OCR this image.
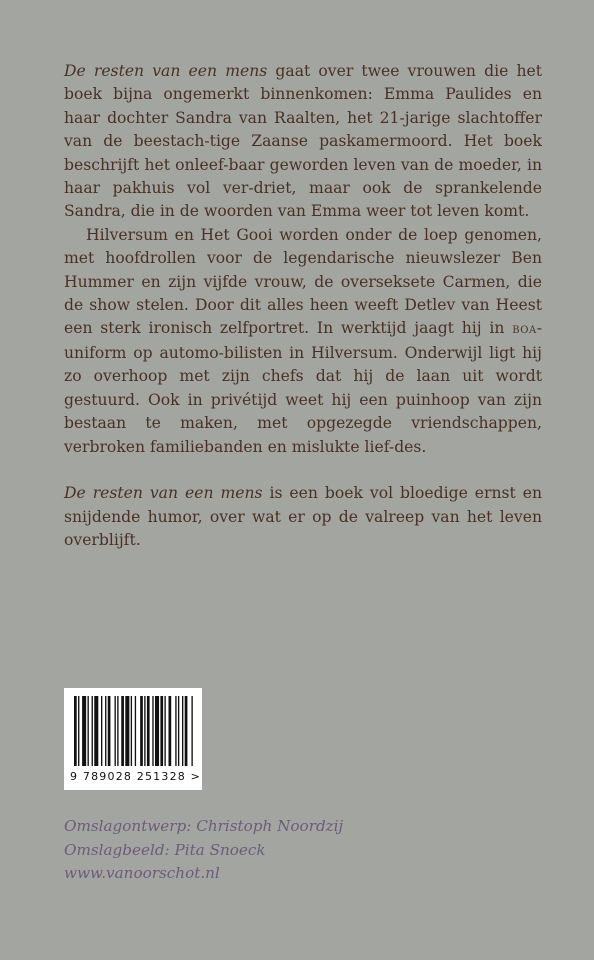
De resten van een mens gaat over twee vrouwen die het boek bijna ongemerkt binnenkomen: Emma Paulides en haar dochter Sandra van Raalten, het 21-jarige slachtoffer van de beestach-tige Zaanse paskamermoord. Het boek beschrijft het onleef-baar geworden leven van de moeder, in haar pakhuis vol ver-driet, maar ook de sprankelende Sandra, die in de woorden van Emma weer tot leven komt.

Hilversum en Het Gooi worden onder de loep genomen, met hoofdrollen voor de legendarische nieuwslezer Ben Hummer en zijn vijfde vrouw, de overseksete Carmen, die de show stelen. Door dit alles heen weeft Detlev van Heest een sterk ironisch zelfportret. In werktijd jaagt hij in boa-uniform op automo-bilisten in Hilversum. Onderwijl ligt hij zo overhoop met zijn chefs dat hij de laan uit wordt gestuurd. Ook in privétijd weet hij een puinhoop van zijn bestaan te maken, met opgezegde vriendschappen, verbroken familiebanden en mislukte lief-des.

De resten van een mens is een boek vol bloedige ernst en snijdende humor, over wat er op de valreep van het leven overblijft.

9 789028 251328 >
Omslagontwerp: Christoph Noordzij
Omslagbeeld: Pita Snoeck
www.vanoorschot.nl
